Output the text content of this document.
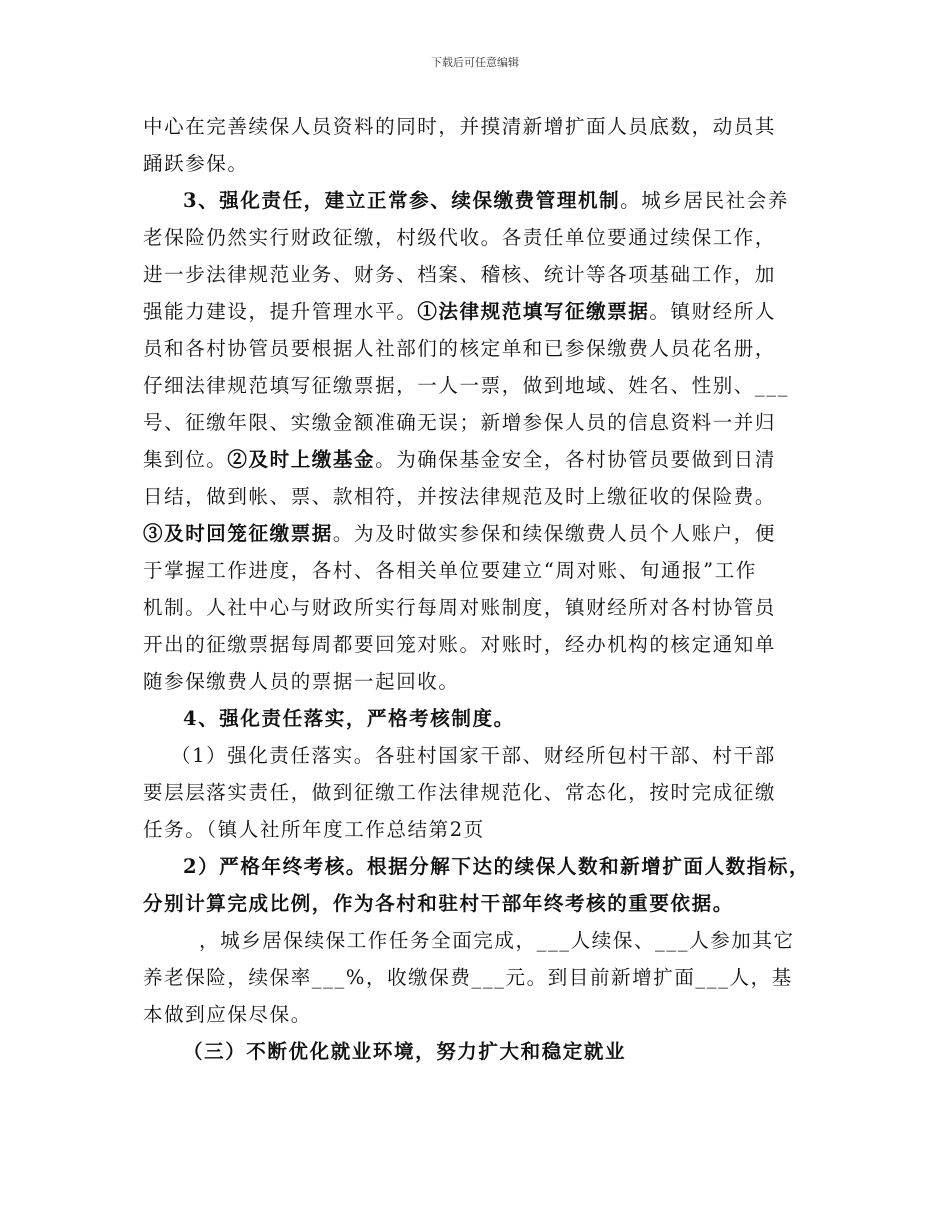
下载后可任意编辑
中心在完善续保人员资料的同时，并摸清新增扩面人员底数，动员其
踊跃参保。
3、强化责任，建立正常参、续保缴费管理机制。城乡居民社会养
老保险仍然实行财政征缴，村级代收。各责任单位要通过续保工作，
进一步法律规范业务、财务、档案、稽核、统计等各项基础工作，加
强能力建设，提升管理水平。①法律规范填写征缴票据。镇财经所人
员和各村协管员要根据人社部们的核定单和已参保缴费人员花名册，
仔细法律规范填写征缴票据，一人一票，做到地域、姓名、性别、___
号、征缴年限、实缴金额准确无误；新增参保人员的信息资料一并归
集到位。②及时上缴基金。为确保基金安全，各村协管员要做到日清
日结，做到帐、票、款相符，并按法律规范及时上缴征收的保险费。
③及时回笼征缴票据。为及时做实参保和续保缴费人员个人账户，便
于掌握工作进度，各村、各相关单位要建立“周对账、旬通报”工作
机制。人社中心与财政所实行每周对账制度，镇财经所对各村协管员
开出的征缴票据每周都要回笼对账。对账时，经办机构的核定通知单
随参保缴费人员的票据一起回收。
4、强化责任落实，严格考核制度。
（1）强化责任落实。各驻村国家干部、财经所包村干部、村干部
要层层落实责任，做到征缴工作法律规范化、常态化，按时完成征缴
任务。（镇人社所年度工作总结第2页
2）严格年终考核。根据分解下达的续保人数和新增扩面人数指标，
分别计算完成比例，作为各村和驻村干部年终考核的重要依据。
，城乡居保续保工作任务全面完成，___人续保、___人参加其它
养老保险，续保率___%，收缴保费___元。到目前新增扩面___人，基
本做到应保尽保。
（三）不断优化就业环境，努力扩大和稳定就业
